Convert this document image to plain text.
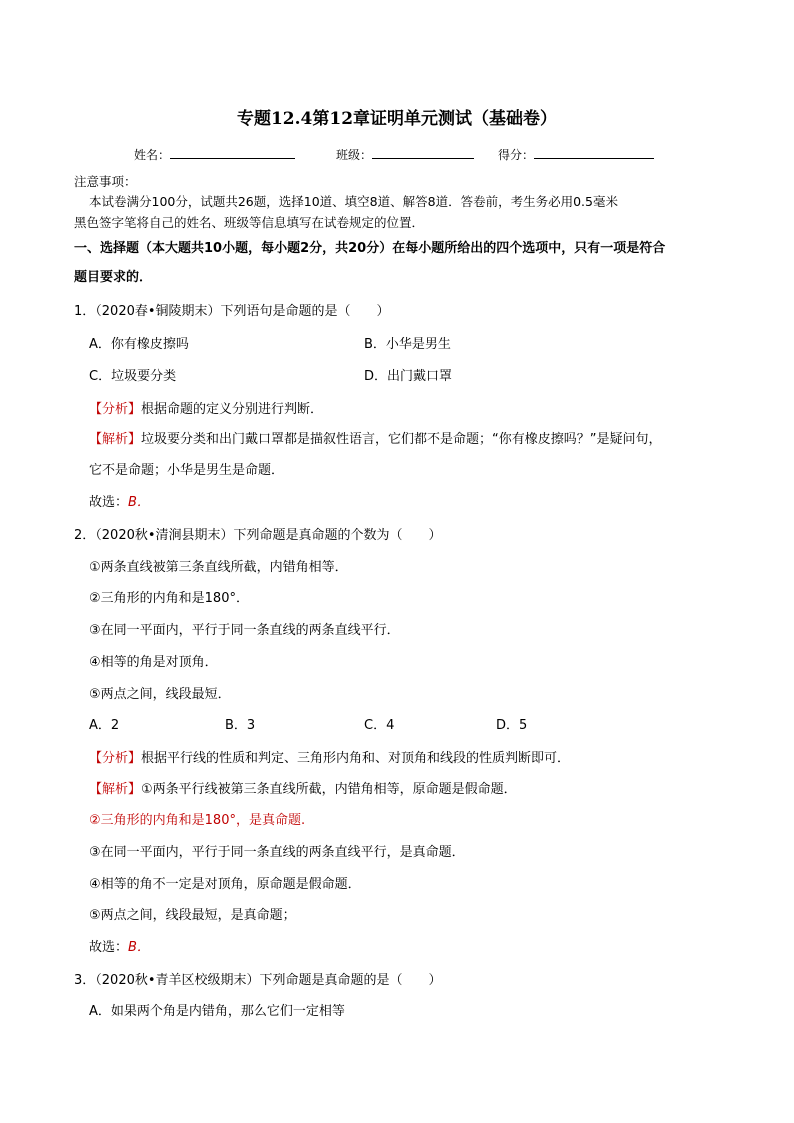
专题12.4第12章证明单元测试（基础卷）
姓名：	班级：	得分：
注意事项：
本试卷满分100分，试题共26题，选择10道、填空8道、解答8道．答卷前，考生务必用0.5毫米
黑色签字笔将自己的姓名、班级等信息填写在试卷规定的位置．
一、选择题（本大题共10小题，每小题2分，共20分）在每小题所给出的四个选项中，只有一项是符合
题目要求的．
1．（2020春•铜陵期末）下列语句是命题的是（　　）
A．你有橡皮擦吗	B．小华是男生
C．垃圾要分类	D．出门戴口罩
【分析】根据命题的定义分别进行判断．
【解析】垃圾要分类和出门戴口罩都是描叙性语言，它们都不是命题；“你有橡皮擦吗？”是疑问句，
它不是命题；小华是男生是命题．
故选：B．
2．（2020秋•清涧县期末）下列命题是真命题的个数为（　　）
①两条直线被第三条直线所截，内错角相等．
②三角形的内角和是180°．
③在同一平面内，平行于同一条直线的两条直线平行．
④相等的角是对顶角．
⑤两点之间，线段最短．
A．2	B．3	C．4	D．5
【分析】根据平行线的性质和判定、三角形内角和、对顶角和线段的性质判断即可．
【解析】①两条平行线被第三条直线所截，内错角相等，原命题是假命题．
②三角形的内角和是180°，是真命题.
③在同一平面内，平行于同一条直线的两条直线平行，是真命题．
④相等的角不一定是对顶角，原命题是假命题．
⑤两点之间，线段最短，是真命题；
故选：B．
3．（2020秋•青羊区校级期末）下列命题是真命题的是（　　）
A．如果两个角是内错角，那么它们一定相等
